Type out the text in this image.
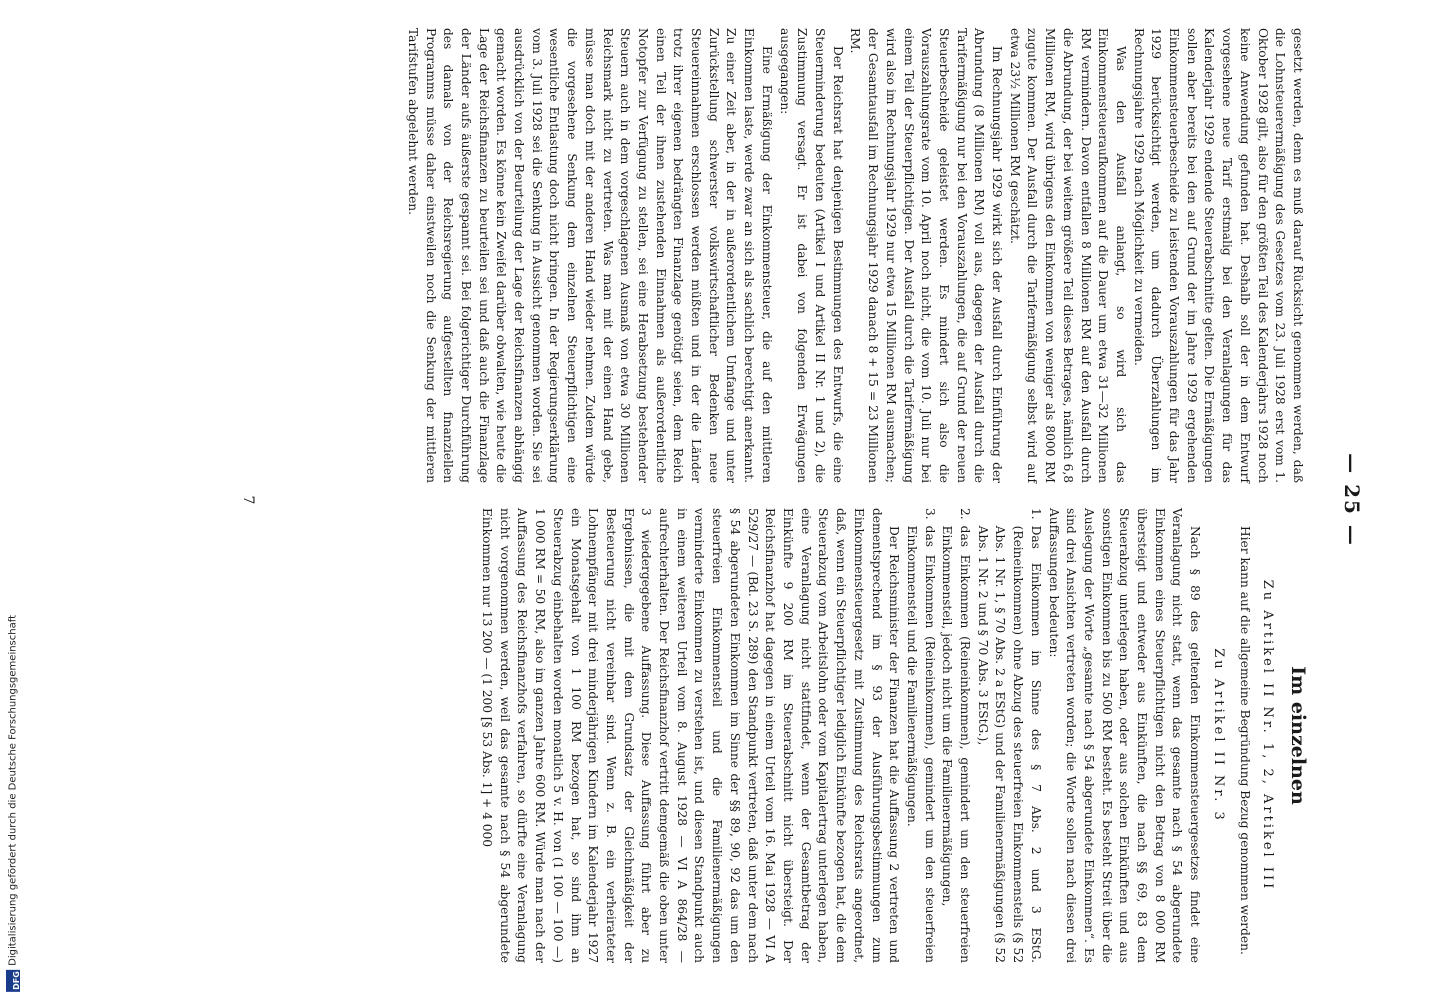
— 25 —

gesetzt werden, denn es muß darauf Rücksicht genommen werden, daß die Lohnsteuerermäßigung des Gesetzes vom 23. Juli 1928 erst vom 1. Oktober 1928 gilt, also für den größten Teil des Kalenderjahrs 1928 noch keine Anwendung gefunden hat. Deshalb soll der in dem Entwurf vorgesehene neue Tarif erstmalig bei den Veranlagungen für das Kalenderjahr 1929 endende Steuerabschnitte gelten. Die Ermäßigungen sollen aber bereits bei den auf Grund der im Jahre 1929 ergehenden Einkommensteuerbescheide zu leistenden Vorauszahlungen für das Jahr 1929 berücksichtigt werden, um dadurch Überzahlungen im Rechnungsjahre 1929 nach Möglichkeit zu vermeiden.

Was den Ausfall anlangt, so wird sich das Einkommensteueraufkommen auf die Dauer um etwa 31—32 Millionen RM vermindern. Davon entfallen 8 Millionen RM auf den Ausfall durch die Abrundung, der bei weitem größere Teil dieses Betrages, nämlich 6,8 Millionen RM, wird übrigens den Einkommen von weniger als 8000 RM zugute kommen. Der Ausfall durch die Tarifermäßigung selbst wird auf etwa 23½ Millionen RM geschätzt.

Im Rechnungsjahr 1929 wirkt sich der Ausfall durch Einführung der Abrundung (8 Millionen RM) voll aus, dagegen der Ausfall durch die Tarifermäßigung nur bei den Vorauszahlungen, die auf Grund der neuen Steuerbescheide geleistet werden. Es mindert sich also die Vorauszahlungsrate vom 10. April noch nicht, die vom 10. Juli nur bei einem Teil der Steuerpflichtigen. Der Ausfall durch die Tarifermäßigung wird also im Rechnungsjahr 1929 nur etwa 15 Millionen RM ausmachen; der Gesamtausfall im Rechnungsjahr 1929 danach 8 + 15 = 23 Millionen RM.

Der Reichsrat hat denjenigen Bestimmungen des Entwurfs, die eine Steuerminderung bedeuten (Artikel I und Artikel II Nr. 1 und 2), die Zustimmung versagt. Er ist dabei von folgenden Erwägungen ausgegangen:

Eine Ermäßigung der Einkommensteuer, die auf den mittleren Einkommen laste, werde zwar an sich als sachlich berechtigt anerkannt. Zu einer Zeit aber, in der in außerordentlichem Umfange und unter Zurückstellung schwerster volkswirtschaftlicher Bedenken neue Steuereinnahmen erschlossen werden müßten und in der die Länder trotz ihrer eigenen bedrängten Finanzlage genötigt seien, dem Reich einen Teil der ihnen zustehenden Einnahmen als außerordentliche Notopfer zur Verfügung zu stellen, sei eine Herabsetzung bestehender Steuern auch in dem vorgeschlagenen Ausmaß von etwa 30 Millionen Reichsmark nicht zu vertreten. Was man mit der einen Hand gebe, müsse man doch mit der anderen Hand wieder nehmen. Zudem würde die vorgesehene Senkung dem einzelnen Steuerpflichtigen eine wesentliche Entlastung doch nicht bringen. In der Regierungserklärung vom 3. Juli 1928 sei die Senkung in Aussicht genommen worden. Sie sei ausdrücklich von der Beurteilung der Lage der Reichsfinanzen abhängig gemacht worden. Es könne kein Zweifel darüber obwalten, wie heute die Lage der Reichsfinanzen zu beurteilen sei und daß auch die Finanzlage der Länder aufs äußerste gespannt sei. Bei folgerichtiger Durchführung des damals von der Reichsregierung aufgestellten finanziellen Programms müsse daher einstweilen noch die Senkung der mittleren Tarifstufen abgelehnt werden.

Im einzelnen
Zu Artikel II Nr. 1, 2, Artikel III

Hier kann auf die allgemeine Begründung Bezug genommen werden.

Zu Artikel II Nr. 3

Nach § 89 des geltenden Einkommensteuergesetzes findet eine Veranlagung nicht statt, wenn das gesamte nach § 54 abgerundete Einkommen eines Steuerpflichtigen nicht den Betrag von 8 000 RM übersteigt und entweder aus Einkünften, die nach §§ 69, 83 dem Steuerabzug unterlegen haben, oder aus solchen Einkünften und aus sonstigen Einkommen bis zu 500 RM besteht. Es besteht Streit über die Auslegung der Worte „gesamte nach § 54 abgerundete Einkommen“. Es sind drei Ansichten vertreten worden; die Worte sollen nach diesen drei Auffassungen bedeuten:

1.
Das Einkommen im Sinne des § 7 Abs. 2 und 3 EStG. (Reineinkommen) ohne Abzug des steuerfreien Einkommensteils (§ 52 Abs. 1 Nr. 1, § 70 Abs. 2 a EStG) und der Familienermäßigungen (§ 52 Abs. 1 Nr. 2 und § 70 Abs. 3 EStG.),
2.
das Einkommen (Reineinkommen), gemindert um den steuerfreien Einkommensteil, jedoch nicht um die Familienermäßigungen,
3.
das Einkommen (Reineinkommen), gemindert um den steuerfreien Einkommensteil und die Familienermäßigungen.

Der Reichsminister der Finanzen hat die Auffassung 2 vertreten und dementsprechend im § 93 der Ausführungsbestimmungen zum Einkommensteuergesetz mit Zustimmung des Reichsrats angeordnet, daß, wenn ein Steuerpflichtiger lediglich Einkünfte bezogen hat, die dem Steuerabzug vom Arbeitslohn oder vom Kapitalertrag unterlegen haben, eine Veranlagung nicht stattfindet, wenn der Gesamtbetrag der Einkünfte 9 200 RM im Steuerabschnitt nicht übersteigt. Der Reichsfinanzhof hat dagegen in einem Urteil vom 16. Mai 1928 — VI A 529/27 — (Bd. 23 S. 289) den Standpunkt vertreten, daß unter dem nach § 54 abgerundeten Einkommen im Sinne der §§ 89, 90, 92 das um den steuerfreien Einkommensteil und die Familienermäßigungen verminderte Einkommen zu verstehen ist, und diesen Standpunkt auch in einem weiteren Urteil vom 8. August 1928 — VI A 864/28 — aufrechterhalten. Der Reichsfinanzhof vertritt demgemäß die oben unter 3 wiedergegebene Auffassung. Diese Auffassung führt aber zu Ergebnissen, die mit dem Grundsatz der Gleichmäßigkeit der Besteuerung nicht vereinbar sind. Wenn z. B. ein verheirateter Lohnempfänger mit drei minderjährigen Kindern im Kalenderjahr 1927 ein Monatsgehalt von 1 100 RM bezogen hat, so sind ihm an Steuerabzug einbehalten worden monatlich 5 v. H. von (1 100 — 100 —) 1 000 RM = 50 RM, also im ganzen Jahre 600 RM. Würde man nach der Auffassung des Reichsfinanzhofs verfahren, so dürfte eine Veranlagung nicht vorgenommen werden, weil das gesamte nach § 54 abgerundete Einkommen nur 13 200 — (1 200 [§ 53 Abs. 1] + 4 000

7
DFG
Digitalisierung gefördert durch die Deutsche Forschungsgemeinschaft
